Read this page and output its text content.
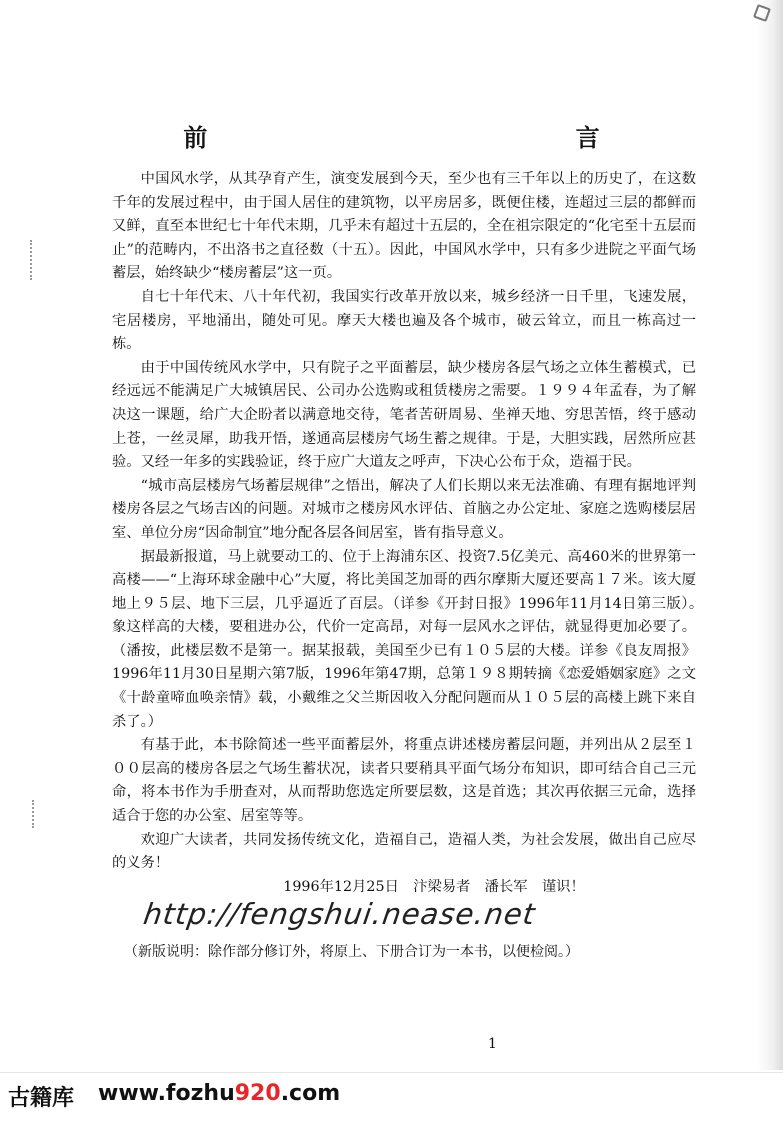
前 言

中国风水学，从其孕育产生，演变发展到今天，至少也有三千年以上的历史了，在这数千年的发展过程中，由于国人居住的建筑物，以平房居多，既便住楼，连超过三层的都鲜而又鲜，直至本世纪七十年代末期，几乎未有超过十五层的，全在祖宗限定的“化宅至十五层而止”的范畴内，不出洛书之直径数（十五）。因此，中国风水学中，只有多少进院之平面气场蓄层，始终缺少“楼房蓄层”这一页。

自七十年代末、八十年代初，我国实行改革开放以来，城乡经济一日千里，飞速发展，宅居楼房，平地涌出，随处可见。摩天大楼也遍及各个城市，破云耸立，而且一栋高过一栋。

由于中国传统风水学中，只有院子之平面蓄层，缺少楼房各层气场之立体生蓄模式，已经远远不能满足广大城镇居民、公司办公选购或租赁楼房之需要。１９９４年孟春，为了解决这一课题，给广大企盼者以满意地交待，笔者苦研周易、坐禅天地、穷思苦悟，终于感动上苍，一丝灵犀，助我开悟，遂通高层楼房气场生蓄之规律。于是，大胆实践，居然所应甚验。又经一年多的实践验证，终于应广大道友之呼声，下决心公布于众，造福于民。

“城市高层楼房气场蓄层规律”之悟出，解决了人们长期以来无法准确、有理有据地评判楼房各层之气场吉凶的问题。对城市之楼房风水评估、首脑之办公定址、家庭之选购楼层居室、单位分房“因命制宜”地分配各层各间居室，皆有指导意义。

据最新报道，马上就要动工的、位于上海浦东区、投资7.5亿美元、高460米的世界第一高楼——“上海环球金融中心”大厦，将比美国芝加哥的西尔摩斯大厦还要高１７米。该大厦地上９５层、地下三层，几乎逼近了百层。（详参《开封日报》1996年11月14日第三版）。　象这样高的大楼，要租进办公，代价一定高昂，对每一层风水之评估，就显得更加必要了。（潘按，此楼层数不是第一。据某报载，美国至少已有１０５层的大楼。详参《良友周报》1996年11月30日星期六第7版，1996年第47期，总第１９８期转摘《恋爱婚姻家庭》之文《十龄童啼血唤亲情》载，小戴维之父兰斯因收入分配问题而从１０５层的高楼上跳下来自杀了。）

有基于此，本书除简述一些平面蓄层外，将重点讲述楼房蓄层问题，并列出从２层至１００层高的楼房各层之气场生蓄状况，读者只要稍具平面气场分布知识，即可结合自己三元命，将本书作为手册查对，从而帮助您选定所要层数，这是首选；其次再依据三元命，选择适合于您的办公室、居室等等。

欢迎广大读者，共同发扬传统文化，造福自己，造福人类，为社会发展，做出自己应尽的义务！

1996年12月25日　汴梁易者　潘长军　谨识！

http://fengshui.nease.net

（新版说明：除作部分修订外，将原上、下册合订为一本书，以便检阅。）

1
古籍库 www.fozhu920.com
